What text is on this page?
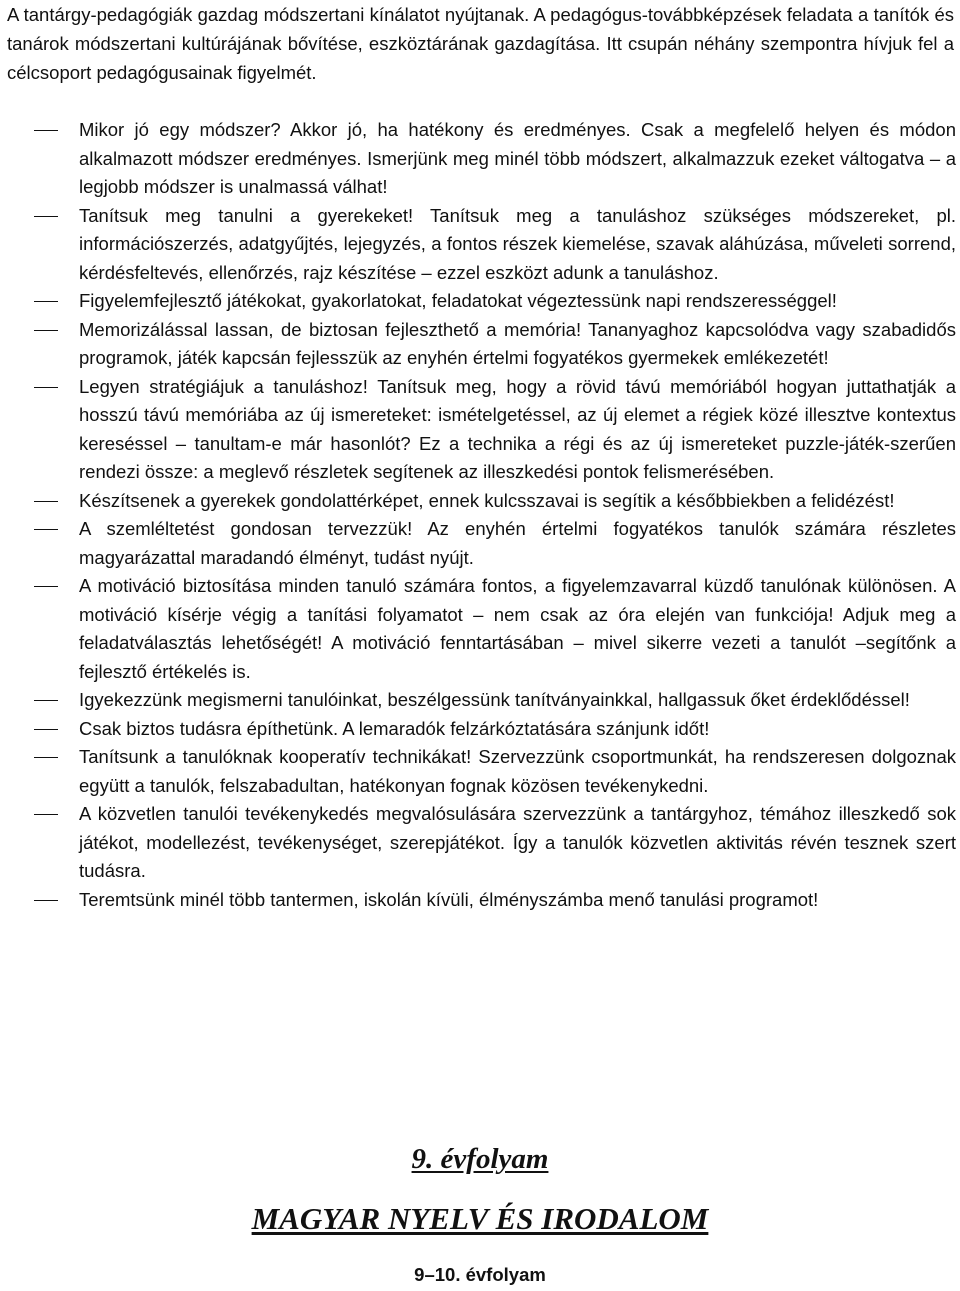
A tantárgy-pedagógiák gazdag módszertani kínálatot nyújtanak. A pedagógus-továbbképzések feladata a tanítók és tanárok módszertani kultúrájának bővítése, eszköztárának gazdagítása. Itt csupán néhány szempontra hívjuk fel a célcsoport pedagógusainak figyelmét.

Mikor jó egy módszer? Akkor jó, ha hatékony és eredményes. Csak a megfelelő helyen és módon alkalmazott módszer eredményes. Ismerjünk meg minél több módszert, alkalmazzuk ezeket váltogatva – a legjobb módszer is unalmassá válhat!
Tanítsuk meg tanulni a gyerekeket! Tanítsuk meg a tanuláshoz szükséges módszereket, pl. információszerzés, adatgyűjtés, lejegyzés, a fontos részek kiemelése, szavak aláhúzása, műveleti sorrend, kérdésfeltevés, ellenőrzés, rajz készítése – ezzel eszközt adunk a tanuláshoz.
Figyelemfejlesztő játékokat, gyakorlatokat, feladatokat végeztessünk napi rendszerességgel!
Memorizálással lassan, de biztosan fejleszthető a memória! Tananyaghoz kapcsolódva vagy szabadidős programok, játék kapcsán fejlesszük az enyhén értelmi fogyatékos gyermekek emlékezetét!
Legyen stratégiájuk a tanuláshoz! Tanítsuk meg, hogy a rövid távú memóriából hogyan juttathatják a hosszú távú memóriába az új ismereteket: ismételgetéssel, az új elemet a régiek közé illesztve kontextus kereséssel – tanultam-e már hasonlót? Ez a technika a régi és az új ismereteket puzzle-játék-szerűen rendezi össze: a meglevő részletek segítenek az illeszkedési pontok felismerésében.
Készítsenek a gyerekek gondolattérképet, ennek kulcsszavai is segítik a későbbiekben a felidézést!
A szemléltetést gondosan tervezzük! Az enyhén értelmi fogyatékos tanulók számára részletes magyarázattal maradandó élményt, tudást nyújt.
A motiváció biztosítása minden tanuló számára fontos, a figyelemzavarral küzdő tanulónak különösen. A motiváció kísérje végig a tanítási folyamatot – nem csak az óra elején van funkciója! Adjuk meg a feladatválasztás lehetőségét! A motiváció fenntartásában – mivel sikerre vezeti a tanulót –segítőnk a fejlesztő értékelés is.
Igyekezzünk megismerni tanulóinkat, beszélgessünk tanítványainkkal, hallgassuk őket érdeklődéssel!
Csak biztos tudásra építhetünk. A lemaradók felzárkóztatására szánjunk időt!
Tanítsunk a tanulóknak kooperatív technikákat! Szervezzünk csoportmunkát, ha rendszeresen dolgoznak együtt a tanulók, felszabadultan, hatékonyan fognak közösen tevékenykedni.
A közvetlen tanulói tevékenykedés megvalósulására szervezzünk a tantárgyhoz, témához illeszkedő sok játékot, modellezést, tevékenységet, szerepjátékot. Így a tanulók közvetlen aktivitás révén tesznek szert tudásra.
Teremtsünk minél több tantermen, iskolán kívüli, élményszámba menő tanulási programot!
9. évfolyam
MAGYAR NYELV ÉS IRODALOM
9–10. évfolyam
